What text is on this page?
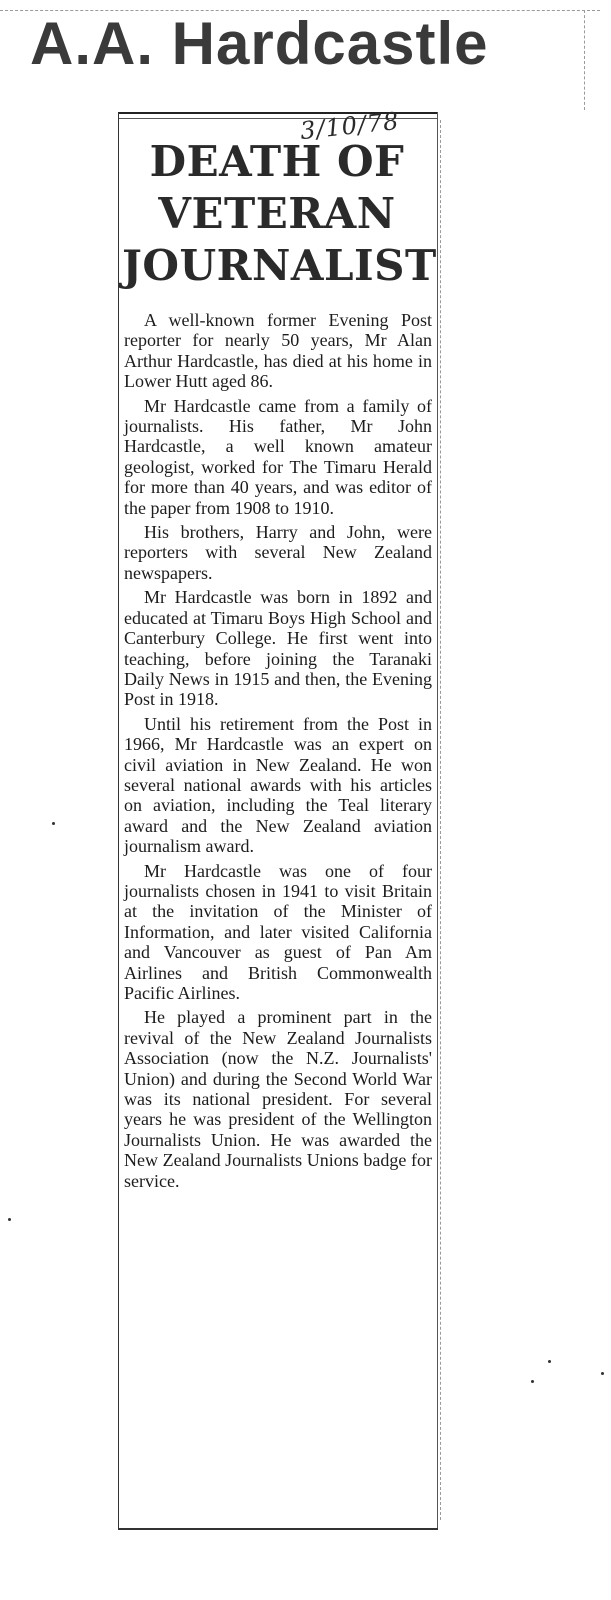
A.A. Hardcastle
3/10/78
DEATH OF
VETERAN
JOURNALIST

A well-known former Evening Post reporter for nearly 50 years, Mr Alan Arthur Hardcastle, has died at his home in Lower Hutt aged 86.

Mr Hardcastle came from a family of journalists. His father, Mr John Hardcastle, a well known amateur geologist, worked for The Timaru Herald for more than 40 years, and was editor of the paper from 1908 to 1910.

His brothers, Harry and John, were reporters with several New Zealand newspapers.

Mr Hardcastle was born in 1892 and educated at Timaru Boys High School and Canterbury College. He first went into teaching, before joining the Taranaki Daily News in 1915 and then, the Evening Post in 1918.

Until his retirement from the Post in 1966, Mr Hardcastle was an expert on civil aviation in New Zealand. He won several national awards with his articles on aviation, including the Teal literary award and the New Zealand aviation journalism award.

Mr Hardcastle was one of four journalists chosen in 1941 to visit Britain at the invitation of the Minister of Information, and later visited California and Vancouver as guest of Pan Am Airlines and British Commonwealth Pacific Airlines.

He played a prominent part in the revival of the New Zealand Journalists Association (now the N.Z. Journalists' Union) and during the Second World War was its national president. For several years he was president of the Wellington Journalists Union. He was awarded the New Zealand Journalists Unions badge for service.
